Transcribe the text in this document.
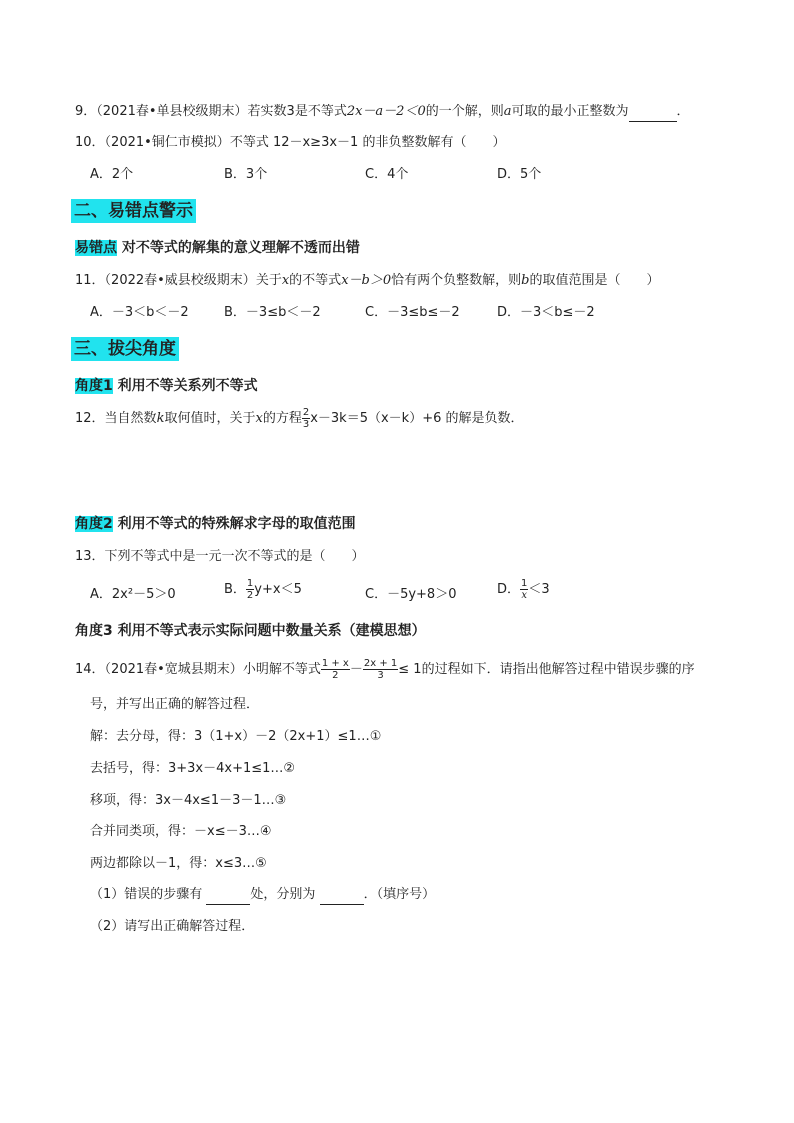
9．（2021春•单县校级期末）若实数3是不等式2x－a－2＜0的一个解，则a可取的最小正整数为	．
10．（2021•铜仁市模拟）不等式 12－x≥3x－1 的非负整数解有（　　）
A．2个	B．3个	C．4个	D．5个
二、易错点警示
易错点 对不等式的解集的意义理解不透而出错
11．（2022春•威县校级期末）关于x的不等式x－b＞0恰有两个负整数解，则b的取值范围是（　　）
A．－3＜b＜－2	B．－3≤b＜－2	C．－3≤b≤－2	D．－3＜b≤－2
三、拔尖角度
角度1 利用不等关系列不等式
12．当自然数k取何值时，关于x的方程 $\frac{2}{3} x-3k=5(x-k)+6$ 的解是负数．
角度2 利用不等式的特殊解求字母的取值范围
13．下列不等式中是一元一次不等式的是（　　）
A．2x²－5＞0	B． $\frac{1}{2} y+x<5$	C．－5y+8＞0	D． $\frac{1}{x} <3$
角度3 利用不等式表示实际问题中数量关系（建模思想）
14．（2021春•宽城县期末）小明解不等式 $\frac{1 + x}{2} - \frac{2x + 1}{3} \le 1$的过程如下．请指出他解答过程中错误步骤的序
号，并写出正确的解答过程．
解：去分母，得：3（1+x）－2（2x+1）≤1…①
去括号，得：3+3x－4x+1≤1…②
移项，得：3x－4x≤1－3－1…③
合并同类项，得：－x≤－3…④
两边都除以－1，得：x≤3…⑤
（1）错误的步骤有	处，分别为	．（填序号）
（2）请写出正确解答过程．
